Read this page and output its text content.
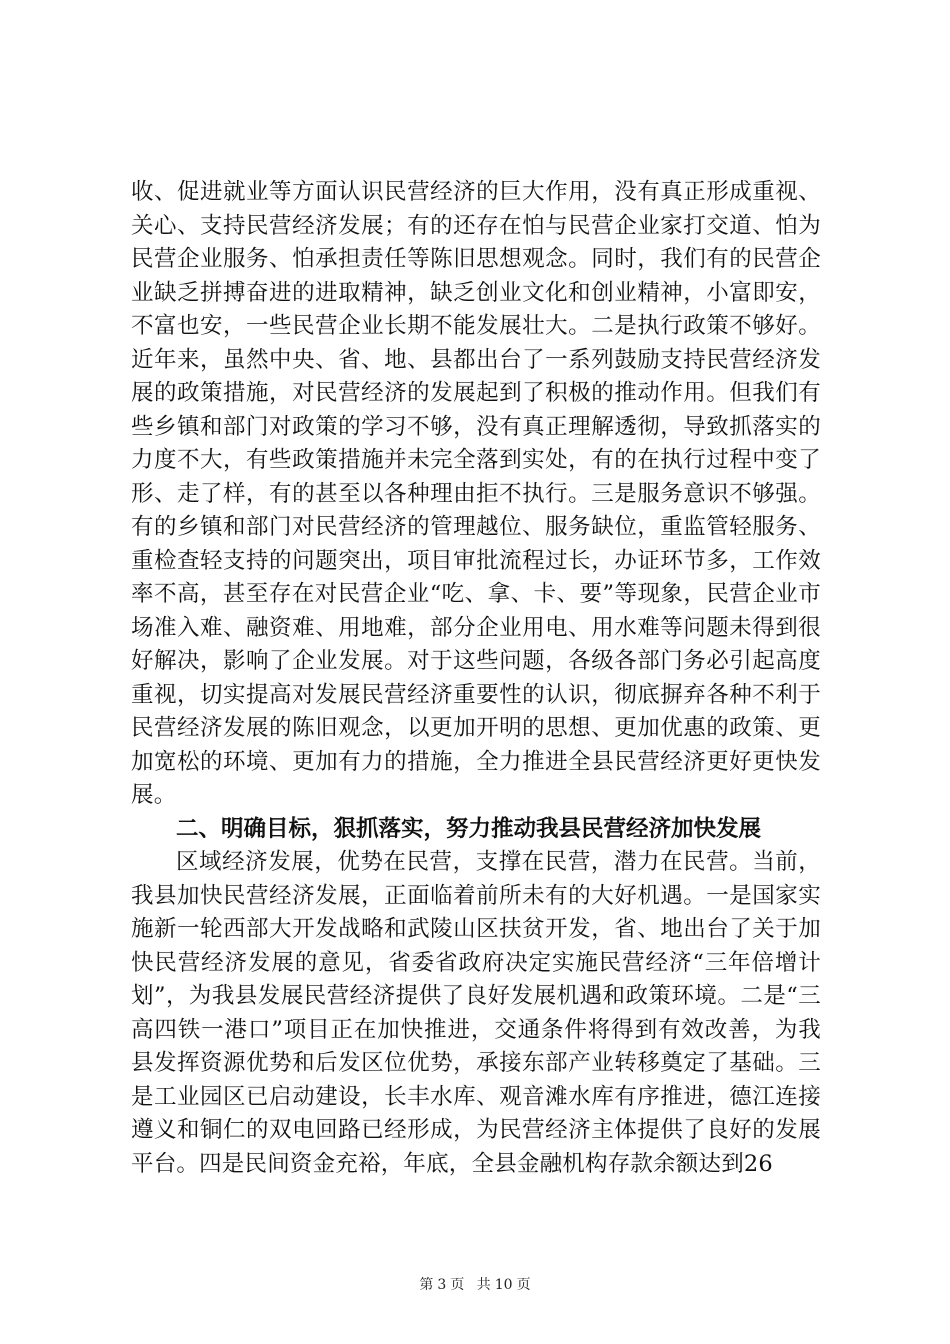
收、促进就业等方面认识民营经济的巨大作用，没有真正形成重视、关心、支持民营经济发展；有的还存在怕与民营企业家打交道、怕为民营企业服务、怕承担责任等陈旧思想观念。同时，我们有的民营企业缺乏拼搏奋进的进取精神，缺乏创业文化和创业精神，小富即安，不富也安，一些民营企业长期不能发展壮大。二是执行政策不够好。近年来，虽然中央、省、地、县都出台了一系列鼓励支持民营经济发展的政策措施，对民营经济的发展起到了积极的推动作用。但我们有些乡镇和部门对政策的学习不够，没有真正理解透彻，导致抓落实的力度不大，有些政策措施并未完全落到实处，有的在执行过程中变了形、走了样，有的甚至以各种理由拒不执行。三是服务意识不够强。有的乡镇和部门对民营经济的管理越位、服务缺位，重监管轻服务、重检查轻支持的问题突出，项目审批流程过长，办证环节多，工作效率不高，甚至存在对民营企业“吃、拿、卡、要”等现象，民营企业市场准入难、融资难、用地难，部分企业用电、用水难等问题未得到很好解决，影响了企业发展。对于这些问题，各级各部门务必引起高度重视，切实提高对发展民营经济重要性的认识，彻底摒弃各种不利于民营经济发展的陈旧观念，以更加开明的思想、更加优惠的政策、更加宽松的环境、更加有力的措施，全力推进全县民营经济更好更快发展。

二、明确目标，狠抓落实，努力推动我县民营经济加快发展

区域经济发展，优势在民营，支撑在民营，潜力在民营。当前，我县加快民营经济发展，正面临着前所未有的大好机遇。一是国家实施新一轮西部大开发战略和武陵山区扶贫开发，省、地出台了关于加快民营经济发展的意见，省委省政府决定实施民营经济“三年倍增计划”，为我县发展民营经济提供了良好发展机遇和政策环境。二是“三高四铁一港口”项目正在加快推进，交通条件将得到有效改善，为我县发挥资源优势和后发区位优势，承接东部产业转移奠定了基础。三是工业园区已启动建设，长丰水库、观音滩水库有序推进，德江连接遵义和铜仁的双电回路已经形成，为民营经济主体提供了良好的发展平台。四是民间资金充裕，年底，全县金融机构存款余额达到26

第 3 页 共 10 页
